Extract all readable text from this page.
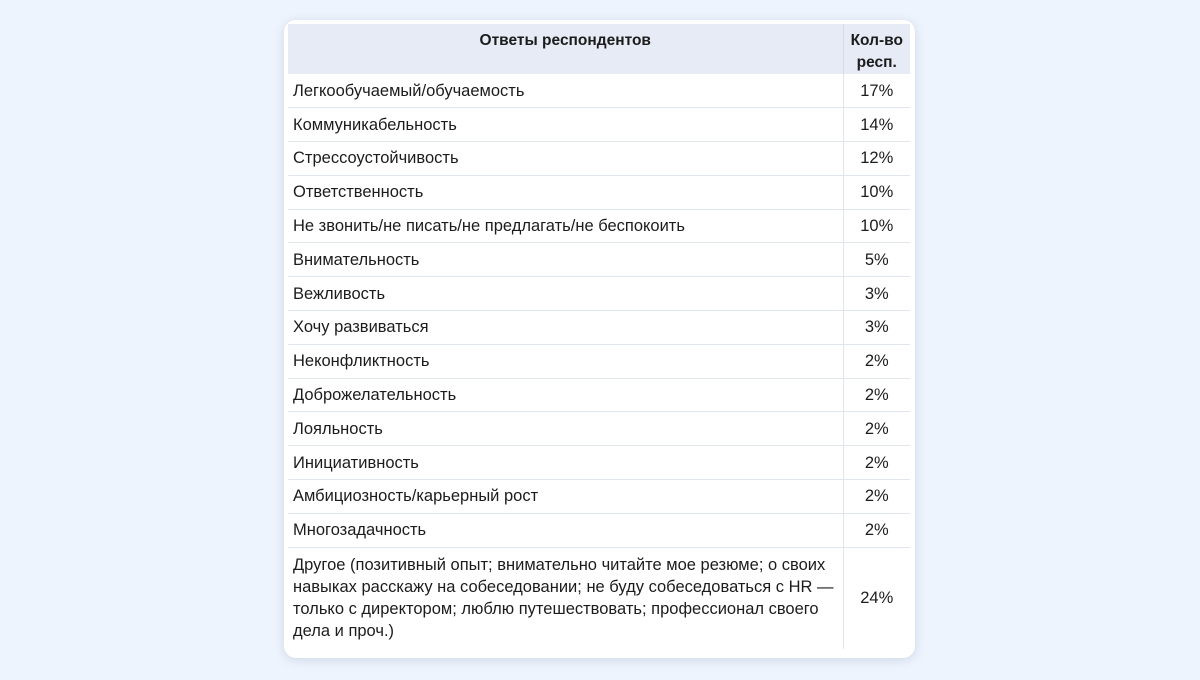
Ответы респондентов	Кол-во респ.
Легкообучаемый/обучаемость	17%
Коммуникабельность	14%
Стрессоустойчивость	12%
Ответственность	10%
Не звонить/не писать/не предлагать/не беспокоить	10%
Внимательность	5%
Вежливость	3%
Хочу развиваться	3%
Неконфликтность	2%
Доброжелательность	2%
Лояльность	2%
Инициативность	2%
Амбициозность/карьерный рост	2%
Многозадачность	2%
Другое (позитивный опыт; внимательно читайте мое резюме; о своих навыках расскажу на собеседовании; не буду собеседоваться с HR — только с директором; люблю путешествовать; профессионал своего дела и проч.)	24%
